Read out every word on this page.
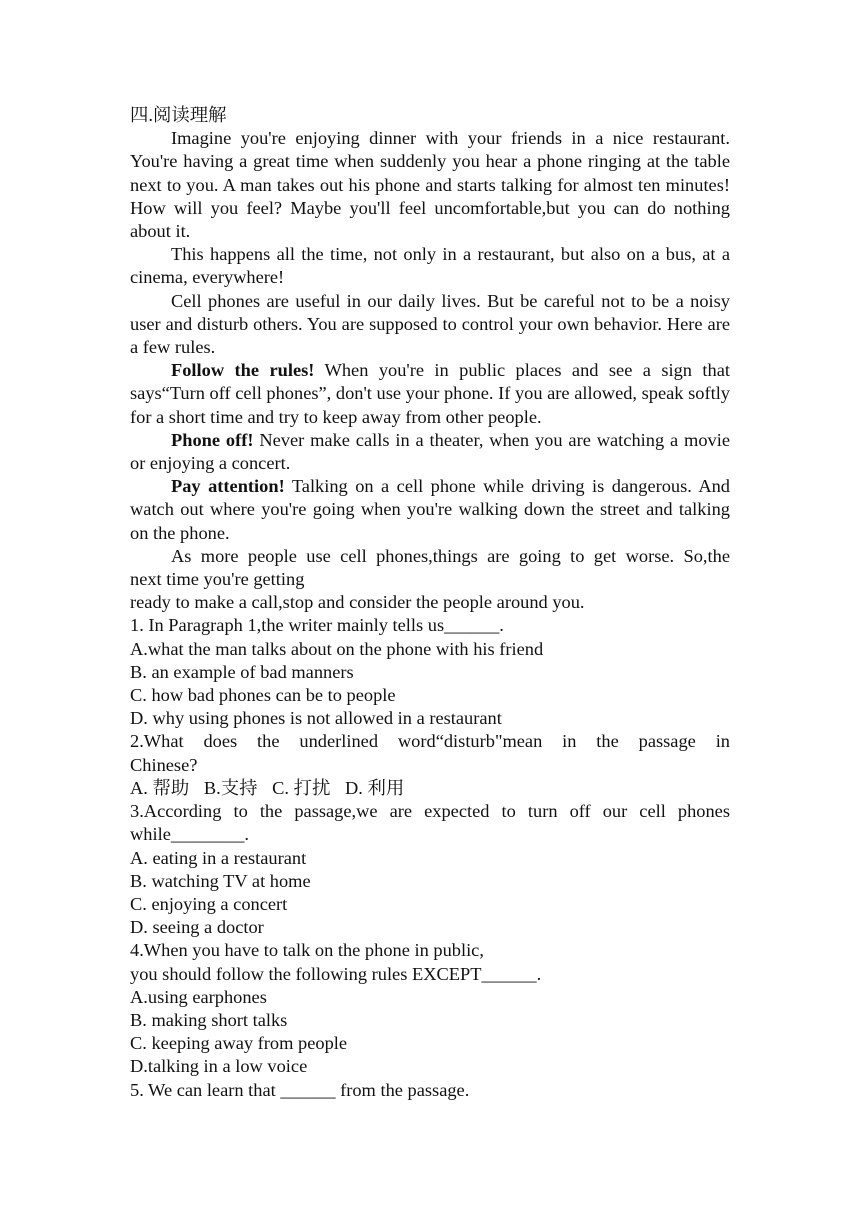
四.阅读理解
Imagine you're enjoying dinner with your friends in a nice restaurant. You're having a great time when suddenly you hear a phone ringing at the table next to you. A man takes out his phone and starts talking for almost ten minutes! How will you feel? Maybe you'll feel uncomfortable,but you can do nothing about it.
This happens all the time, not only in a restaurant, but also on a bus, at a cinema, everywhere!
Cell phones are useful in our daily lives. But be careful not to be a noisy user and disturb others. You are supposed to control your own behavior. Here are a few rules.
Follow the rules! When you're in public places and see a sign that says“Turn off cell phones”, don't use your phone. If you are allowed, speak softly for a short time and try to keep away from other people.
Phone off! Never make calls in a theater, when you are watching a movie or enjoying a concert.
Pay attention! Talking on a cell phone while driving is dangerous. And watch out where you're going when you're walking down the street and talking on the phone.
As more people use cell phones,things are going to get worse. So,the
next time you're getting
ready to make a call,stop and consider the people around you.
1. In Paragraph 1,the writer mainly tells us______.
A.what the man talks about on the phone with his friend
B. an example of bad manners
C. how bad phones can be to people
D. why using phones is not allowed in a restaurant
2.What does the underlined word“disturb"mean in the passage in Chinese?
A. 帮助 B.支持 C. 打扰 D. 利用
3.According to the passage,we are expected to turn off our cell phones while________.
A. eating in a restaurant
B. watching TV at home
C. enjoying a concert
D. seeing a doctor
4.When you have to talk on the phone in public,
you should follow the following rules EXCEPT______.
A.using earphones
B. making short talks
C. keeping away from people
D.talking in a low voice
5. We can learn that ______ from the passage.
